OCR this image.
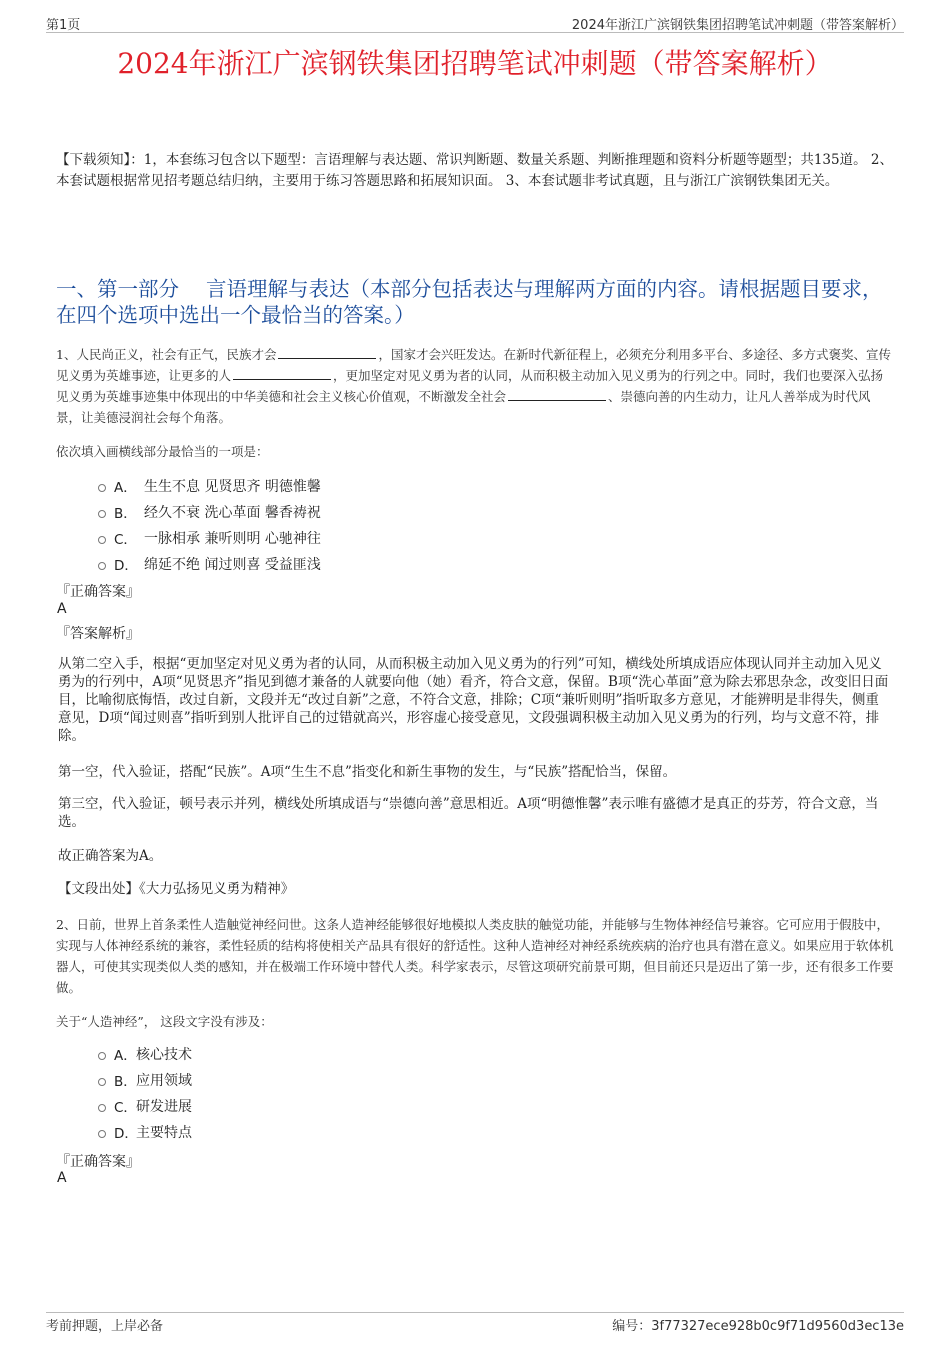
第1页	2024年浙江广滨钢铁集团招聘笔试冲刺题（带答案解析）
2024年浙江广滨钢铁集团招聘笔试冲刺题（带答案解析）
【下载须知】：1，本套练习包含以下题型：言语理解与表达题、常识判断题、数量关系题、判断推理题和资料分析题等题型；共135道。 2、本套试题根据常见招考题总结归纳，主要用于练习答题思路和拓展知识面。 3、本套试题非考试真题，且与浙江广滨钢铁集团无关。
一、第一部分　 言语理解与表达（本部分包括表达与理解两方面的内容。请根据题目要求，在四个选项中选出一个最恰当的答案。）
1、人民尚正义，社会有正气，民族才会	，国家才会兴旺发达。在新时代新征程上，必须充分利用多平台、多途径、多方式褒奖、宣传见义勇为英雄事迹，让更多的人	，更加坚定对见义勇为者的认同，从而积极主动加入见义勇为的行列之中。同时，我们也要深入弘扬见义勇为英雄事迹集中体现出的中华美德和社会主义核心价值观，不断激发全社会	、崇德向善的内生动力，让凡人善举成为时代风景，让美德浸润社会每个角落。
依次填入画横线部分最恰当的一项是：
A． 生生不息 见贤思齐 明德惟馨
B． 经久不衰 洗心革面 馨香祷祝
C． 一脉相承 兼听则明 心驰神往
D． 绵延不绝 闻过则喜 受益匪浅
『正确答案』
A
『答案解析』
从第二空入手，根据“更加坚定对见义勇为者的认同，从而积极主动加入见义勇为的行列”可知，横线处所填成语应体现认同并主动加入见义勇为的行列中，A项“见贤思齐”指见到德才兼备的人就要向他（她）看齐，符合文意，保留。B项“洗心革面”意为除去邪思杂念，改变旧日面目，比喻彻底悔悟，改过自新，文段并无“改过自新”之意，不符合文意，排除；C项“兼听则明”指听取多方意见，才能辨明是非得失，侧重意见，D项“闻过则喜”指听到别人批评自己的过错就高兴，形容虚心接受意见，文段强调积极主动加入见义勇为的行列，均与文意不符，排除。
第一空，代入验证，搭配“民族”。A项“生生不息”指变化和新生事物的发生，与“民族”搭配恰当，保留。
第三空，代入验证，顿号表示并列，横线处所填成语与“崇德向善”意思相近。A项“明德惟馨”表示唯有盛德才是真正的芬芳，符合文意，当选。
故正确答案为A。
【文段出处】《大力弘扬见义勇为精神》
2、日前，世界上首条柔性人造触觉神经问世。这条人造神经能够很好地模拟人类皮肤的触觉功能，并能够与生物体神经信号兼容。它可应用于假肢中，实现与人体神经系统的兼容，柔性轻质的结构将使相关产品具有很好的舒适性。这种人造神经对神经系统疾病的治疗也具有潜在意义。如果应用于软体机器人，可使其实现类似人类的感知，并在极端工作环境中替代人类。科学家表示，尽管这项研究前景可期，但目前还只是迈出了第一步，还有很多工作要做。
关于“人造神经”， 这段文字没有涉及：
A． 核心技术
B． 应用领域
C． 研发进展
D．
主要特点
『正确答案』
A
考前押题，上岸必备	编号：3f77327ece928b0c9f71d9560d3ec13e
